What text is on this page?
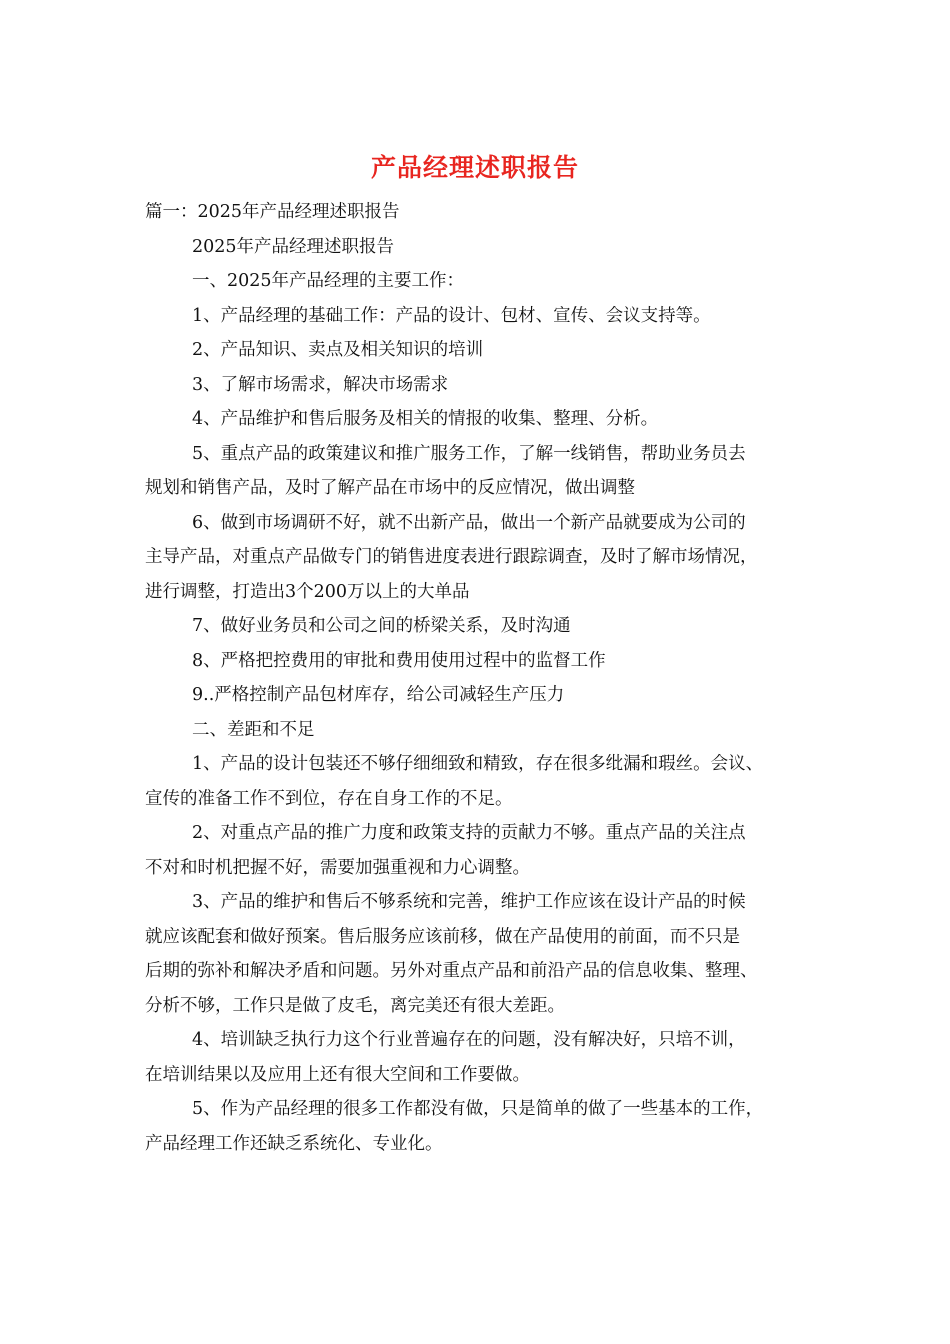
产品经理述职报告
篇一：2025年产品经理述职报告
2025年产品经理述职报告
一、2025年产品经理的主要工作：
1、产品经理的基础工作：产品的设计、包材、宣传、会议支持等。
2、产品知识、卖点及相关知识的培训
3、了解市场需求，解决市场需求
4、产品维护和售后服务及相关的情报的收集、整理、分析。
5、重点产品的政策建议和推广服务工作，了解一线销售，帮助业务员去
规划和销售产品，及时了解产品在市场中的反应情况，做出调整
6、做到市场调研不好，就不出新产品，做出一个新产品就要成为公司的
主导产品，对重点产品做专门的销售进度表进行跟踪调查，及时了解市场情况，
进行调整，打造出3个200万以上的大单品
7、做好业务员和公司之间的桥梁关系，及时沟通
8、严格把控费用的审批和费用使用过程中的监督工作
9..严格控制产品包材库存，给公司减轻生产压力
二、差距和不足
1、产品的设计包装还不够仔细细致和精致，存在很多纰漏和瑕丝。会议、
宣传的准备工作不到位，存在自身工作的不足。
2、对重点产品的推广力度和政策支持的贡献力不够。重点产品的关注点
不对和时机把握不好，需要加强重视和力心调整。
3、产品的维护和售后不够系统和完善，维护工作应该在设计产品的时候
就应该配套和做好预案。售后服务应该前移，做在产品使用的前面，而不只是
后期的弥补和解决矛盾和问题。另外对重点产品和前沿产品的信息收集、整理、
分析不够，工作只是做了皮毛，离完美还有很大差距。
4、培训缺乏执行力这个行业普遍存在的问题，没有解决好，只培不训，
在培训结果以及应用上还有很大空间和工作要做。
5、作为产品经理的很多工作都没有做，只是简单的做了一些基本的工作，
产品经理工作还缺乏系统化、专业化。
